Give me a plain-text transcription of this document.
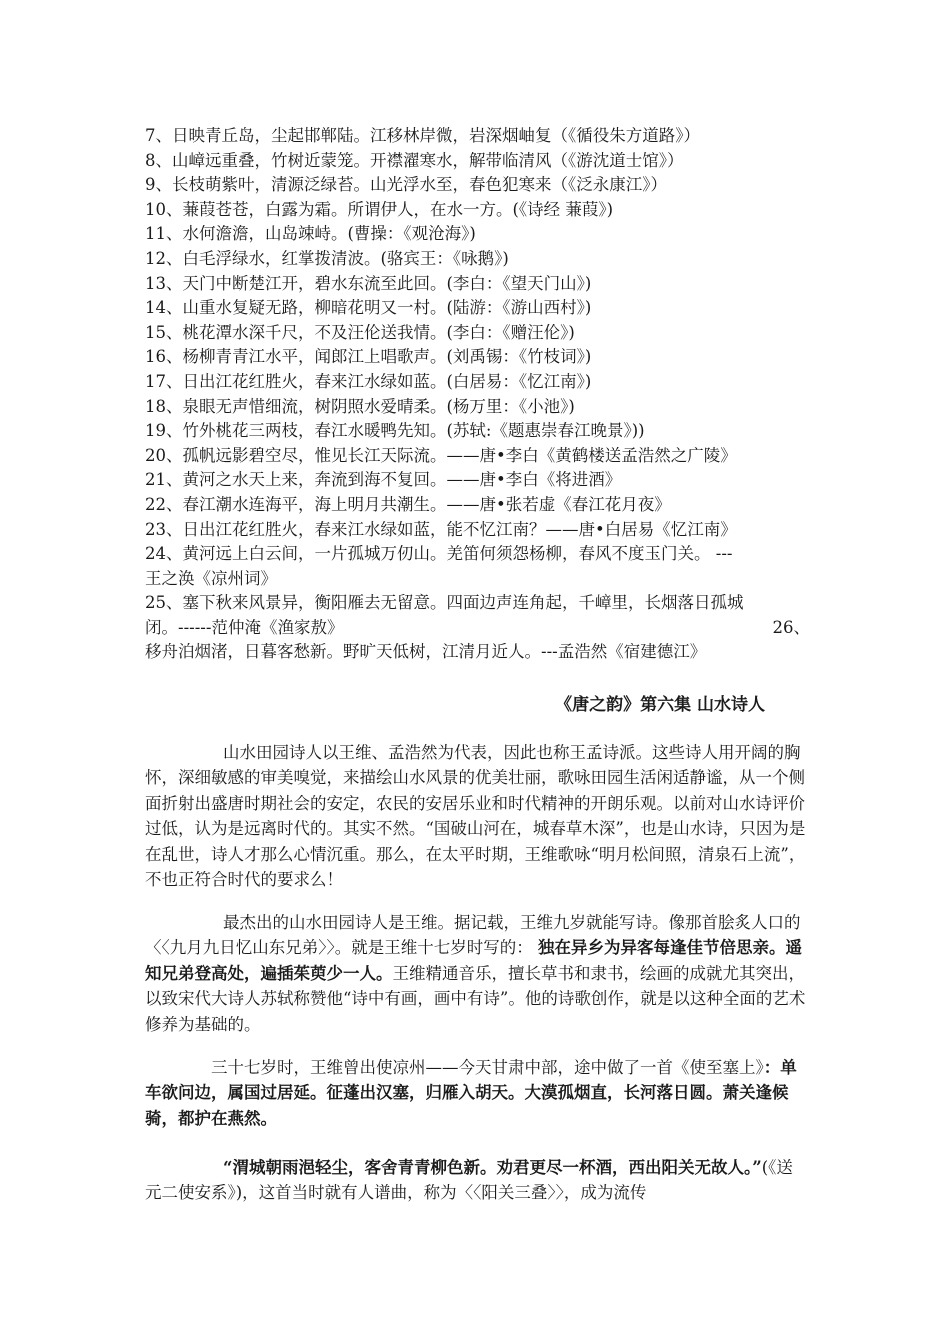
7、日映青丘岛，尘起邯郸陆。江移林岸微，岩深烟岫复（《循役朱方道路》）
8、山嶂远重叠，竹树近蒙笼。开襟濯寒水，解带临清风（《游沈道士馆》）
9、长枝萌紫叶，清源泛绿苔。山光浮水至，春色犯寒来（《泛永康江》）
10、蒹葭苍苍，白露为霜。所谓伊人，在水一方。(《诗经 蒹葭》)
11、水何澹澹，山岛竦峙。(曹操：《观沧海》)
12、白毛浮绿水，红掌拨清波。(骆宾王：《咏鹅》)
13、天门中断楚江开，碧水东流至此回。(李白：《望天门山》)
14、山重水复疑无路，柳暗花明又一村。(陆游：《游山西村》)
15、桃花潭水深千尺，不及汪伦送我情。(李白：《赠汪伦》)
16、杨柳青青江水平，闻郎江上唱歌声。(刘禹锡：《竹枝词》)
17、日出江花红胜火，春来江水绿如蓝。(白居易：《忆江南》)
18、泉眼无声惜细流，树阴照水爱晴柔。(杨万里：《小池》)
19、竹外桃花三两枝，春江水暖鸭先知。(苏轼:《题惠崇春江晚景》))
20、孤帆远影碧空尽，惟见长江天际流。——唐•李白《黄鹤楼送孟浩然之广陵》
21、黄河之水天上来，奔流到海不复回。——唐•李白《将进酒》
22、春江潮水连海平，海上明月共潮生。——唐•张若虚《春江花月夜》
23、日出江花红胜火，春来江水绿如蓝，能不忆江南？——唐•白居易《忆江南》
24、黄河远上白云间，一片孤城万仞山。羌笛何须怨杨柳，春风不度玉门关。 ---
王之涣《凉州词》
25、塞下秋来风景异，衡阳雁去无留意。四面边声连角起，千嶂里，长烟落日孤城
闭。------范仲淹《渔家敖》	26、
移舟泊烟渚，日暮客愁新。野旷天低树，江清月近人。---孟浩然《宿建德江》
《唐之韵》第六集 山水诗人
山水田园诗人以王维、孟浩然为代表，因此也称王孟诗派。这些诗人用开阔的胸怀，深细敏感的审美嗅觉，来描绘山水风景的优美壮丽，歌咏田园生活闲适静谧，从一个侧面折射出盛唐时期社会的安定，农民的安居乐业和时代精神的开朗乐观。以前对山水诗评价过低，认为是远离时代的。其实不然。“国破山河在，城春草木深”，也是山水诗，只因为是在乱世，诗人才那么心情沉重。那么，在太平时期，王维歌咏“明月松间照，清泉石上流”，不也正符合时代的要求么！
最杰出的山水田园诗人是王维。据记载，王维九岁就能写诗。像那首脍炙人口的〈〈九月九日忆山东兄弟〉〉。就是王维十七岁时写的： 独在异乡为异客每逢佳节倍思亲。遥知兄弟登高处，遍插茱萸少一人。王维精通音乐，擅长草书和隶书，绘画的成就尤其突出，以致宋代大诗人苏轼称赞他“诗中有画，画中有诗”。他的诗歌创作，就是以这种全面的艺术修养为基础的。
三十七岁时，王维曾出使凉州——今天甘肃中部，途中做了一首《使至塞上》：单车欲问边，属国过居延。征蓬出汉塞，归雁入胡天。大漠孤烟直，长河落日圆。萧关逢候骑，都护在燕然。
“渭城朝雨浥轻尘，客舍青青柳色新。劝君更尽一杯酒，西出阳关无故人。”(《送元二使安系》)，这首当时就有人谱曲，称为〈〈阳关三叠〉〉，成为流传
